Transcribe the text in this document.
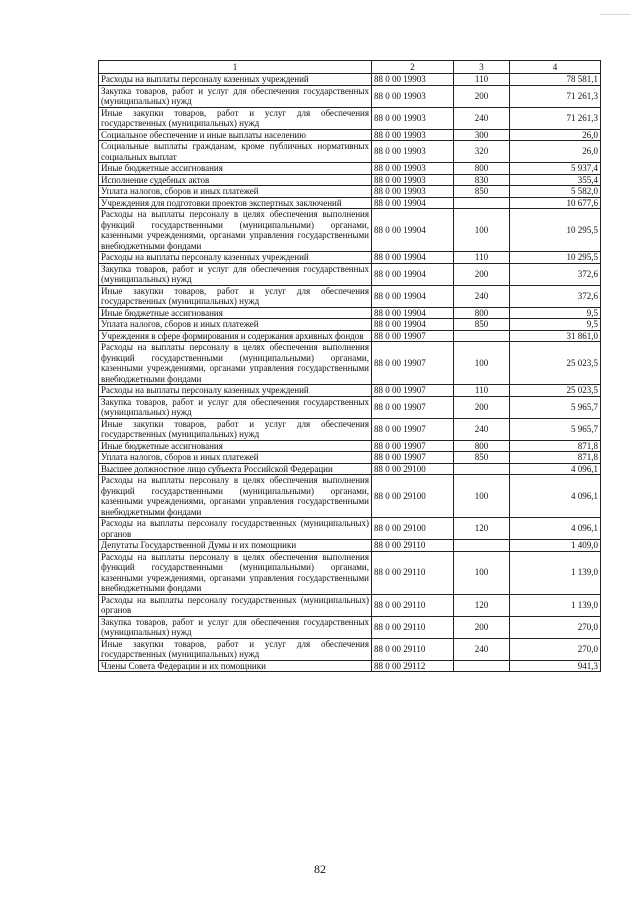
1	2	3	4
Расходы на выплаты персоналу казенных учреждений	88 0 00 19903	110	78 581,1
Закупка товаров, работ и услуг для обеспечения государственных (муниципальных) нужд	88 0 00 19903	200	71 261,3
Иные закупки товаров, работ и услуг для обеспечения государственных (муниципальных) нужд	88 0 00 19903	240	71 261,3
Социальное обеспечение и иные выплаты населению	88 0 00 19903	300	26,0
Социальные выплаты гражданам, кроме публичных нормативных социальных выплат	88 0 00 19903	320	26,0
Иные бюджетные ассигнования	88 0 00 19903	800	5 937,4
Исполнение судебных актов	88 0 00 19903	830	355,4
Уплата налогов, сборов и иных платежей	88 0 00 19903	850	5 582,0
Учреждения для подготовки проектов экспертных заключений	88 0 00 19904		10 677,6
Расходы на выплаты персоналу в целях обеспечения выполнения функций государственными (муниципальными) органами, казенными учреждениями, органами управления государственными внебюджетными фондами	88 0 00 19904	100	10 295,5
Расходы на выплаты персоналу казенных учреждений	88 0 00 19904	110	10 295,5
Закупка товаров, работ и услуг для обеспечения государственных (муниципальных) нужд	88 0 00 19904	200	372,6
Иные закупки товаров, работ и услуг для обеспечения государственных (муниципальных) нужд	88 0 00 19904	240	372,6
Иные бюджетные ассигнования	88 0 00 19904	800	9,5
Уплата налогов, сборов и иных платежей	88 0 00 19904	850	9,5
Учреждения в сфере формирования и содержания архивных фондов	88 0 00 19907		31 861,0
Расходы на выплаты персоналу в целях обеспечения выполнения функций государственными (муниципальными) органами, казенными учреждениями, органами управления государственными внебюджетными фондами	88 0 00 19907	100	25 023,5
Расходы на выплаты персоналу казенных учреждений	88 0 00 19907	110	25 023,5
Закупка товаров, работ и услуг для обеспечения государственных (муниципальных) нужд	88 0 00 19907	200	5 965,7
Иные закупки товаров, работ и услуг для обеспечения государственных (муниципальных) нужд	88 0 00 19907	240	5 965,7
Иные бюджетные ассигнования	88 0 00 19907	800	871,8
Уплата налогов, сборов и иных платежей	88 0 00 19907	850	871,8
Высшее должностное лицо субъекта Российской Федерации	88 0 00 29100		4 096,1
Расходы на выплаты персоналу в целях обеспечения выполнения функций государственными (муниципальными) органами, казенными учреждениями, органами управления государственными внебюджетными фондами	88 0 00 29100	100	4 096,1
Расходы на выплаты персоналу государственных (муниципальных) органов	88 0 00 29100	120	4 096,1
Депутаты Государственной Думы и их помощники	88 0 00 29110		1 409,0
Расходы на выплаты персоналу в целях обеспечения выполнения функций государственными (муниципальными) органами, казенными учреждениями, органами управления государственными внебюджетными фондами	88 0 00 29110	100	1 139,0
Расходы на выплаты персоналу государственных (муниципальных) органов	88 0 00 29110	120	1 139,0
Закупка товаров, работ и услуг для обеспечения государственных (муниципальных) нужд	88 0 00 29110	200	270,0
Иные закупки товаров, работ и услуг для обеспечения государственных (муниципальных) нужд	88 0 00 29110	240	270,0
Члены Совета Федерации и их помощники	88 0 00 29112		941,3
82
